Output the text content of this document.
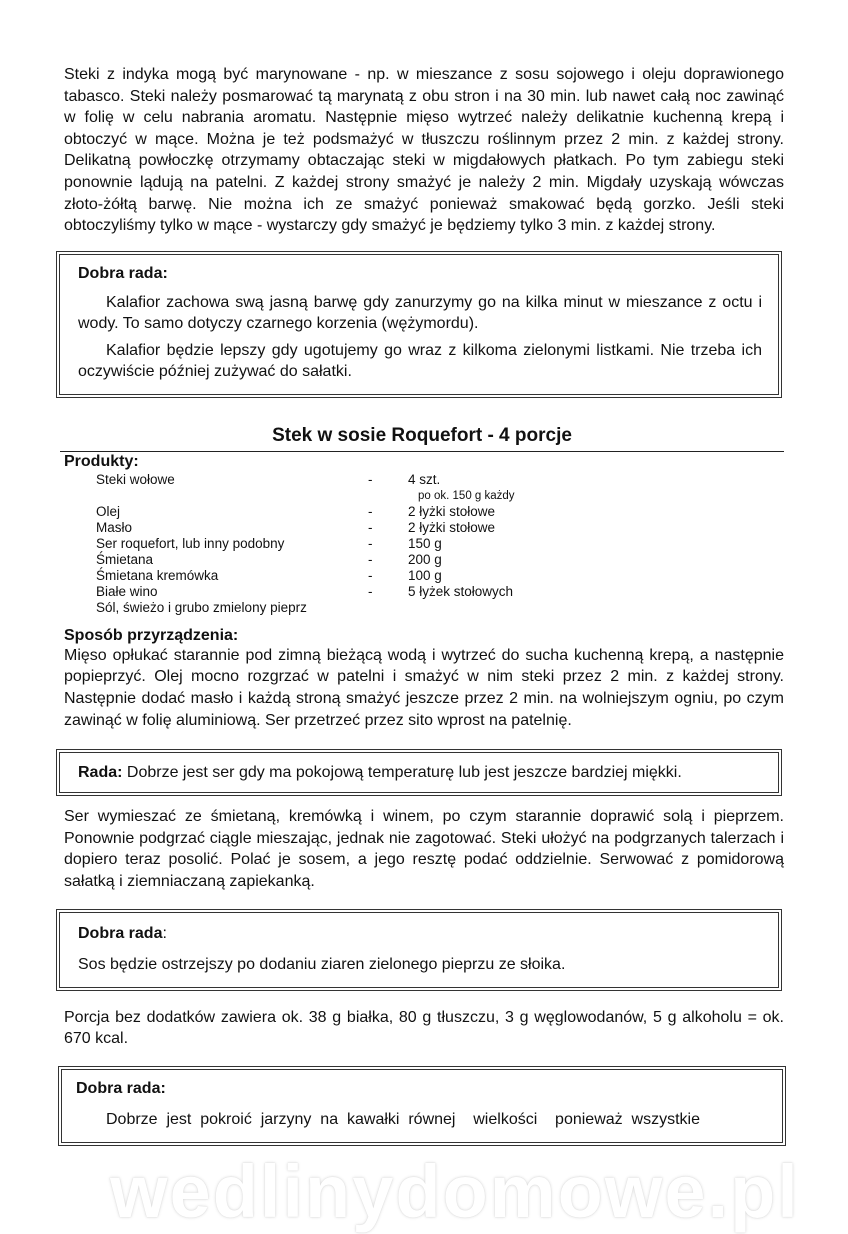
Steki z indyka mogą być marynowane - np. w mieszance z sosu sojowego i oleju doprawionego tabasco. Steki należy posmarować tą marynatą z obu stron i na 30 min. lub nawet całą noc zawinąć w folię w celu nabrania aromatu. Następnie mięso wytrzeć należy delikatnie kuchenną krepą i obtoczyć w mące. Można je też podsmażyć w tłuszczu roślinnym przez 2 min. z każdej strony. Delikatną powłoczkę otrzymamy obtaczając steki w migdałowych płatkach. Po tym zabiegu steki ponownie lądują na patelni. Z każdej strony smażyć je należy 2 min. Migdały uzyskają wówczas złoto-żółtą barwę. Nie można ich ze smażyć ponieważ smakować będą gorzko. Jeśli steki obtoczyliśmy tylko w mące - wystarczy gdy smażyć je będziemy tylko 3 min. z każdej strony.

Dobra rada:

Kalafior zachowa swą jasną barwę gdy zanurzymy go na kilka minut w mieszance z octu i wody. To samo dotyczy czarnego korzenia (wężymordu).

Kalafior będzie lepszy gdy ugotujemy go wraz z kilkoma zielonymi listkami. Nie trzeba ich oczywiście później zużywać do sałatki.

Stek w sosie Roquefort - 4 porcje
Produkty:
Steki wołowe	-	4 szt.
po ok. 150 g każdy
Olej	-	2 łyżki stołowe
Masło	-	2 łyżki stołowe
Ser roquefort, lub inny podobny	-	150 g
Śmietana	-	200 g
Śmietana kremówka	-	100 g
Białe wino	-	5 łyżek stołowych
Sól, świeżo i grubo zmielony pieprz
Sposób przyrządzenia:
Mięso opłukać starannie pod zimną bieżącą wodą i wytrzeć do sucha kuchenną krepą, a następnie popieprzyć. Olej mocno rozgrzać w patelni i smażyć w nim steki przez 2 min. z każdej strony. Następnie dodać masło i każdą stroną smażyć jeszcze przez 2 min. na wolniejszym ogniu, po czym zawinąć w folię aluminiową. Ser przetrzeć przez sito wprost na patelnię.
Rada: Dobrze jest ser gdy ma pokojową temperaturę lub jest jeszcze bardziej miękki.
Ser wymieszać ze śmietaną, kremówką i winem, po czym starannie doprawić solą i pieprzem. Ponownie podgrzać ciągle mieszając, jednak nie zagotować. Steki ułożyć na podgrzanych talerzach i dopiero teraz posolić. Polać je sosem, a jego resztę podać oddzielnie. Serwować z pomidorową sałatką i ziemniaczaną zapiekanką.

Dobra rada:

Sos będzie ostrzejszy po dodaniu ziaren zielonego pieprzu ze słoika.

Porcja bez dodatków zawiera ok. 38 g białka, 80 g tłuszczu, 3 g węglowodanów, 5 g alkoholu = ok. 670 kcal.

Dobra rada:

Dobrze  jest  pokroić  jarzyny  na  kawałki  równej    wielkości    ponieważ  wszystkie

wedlinydomowe.pl
